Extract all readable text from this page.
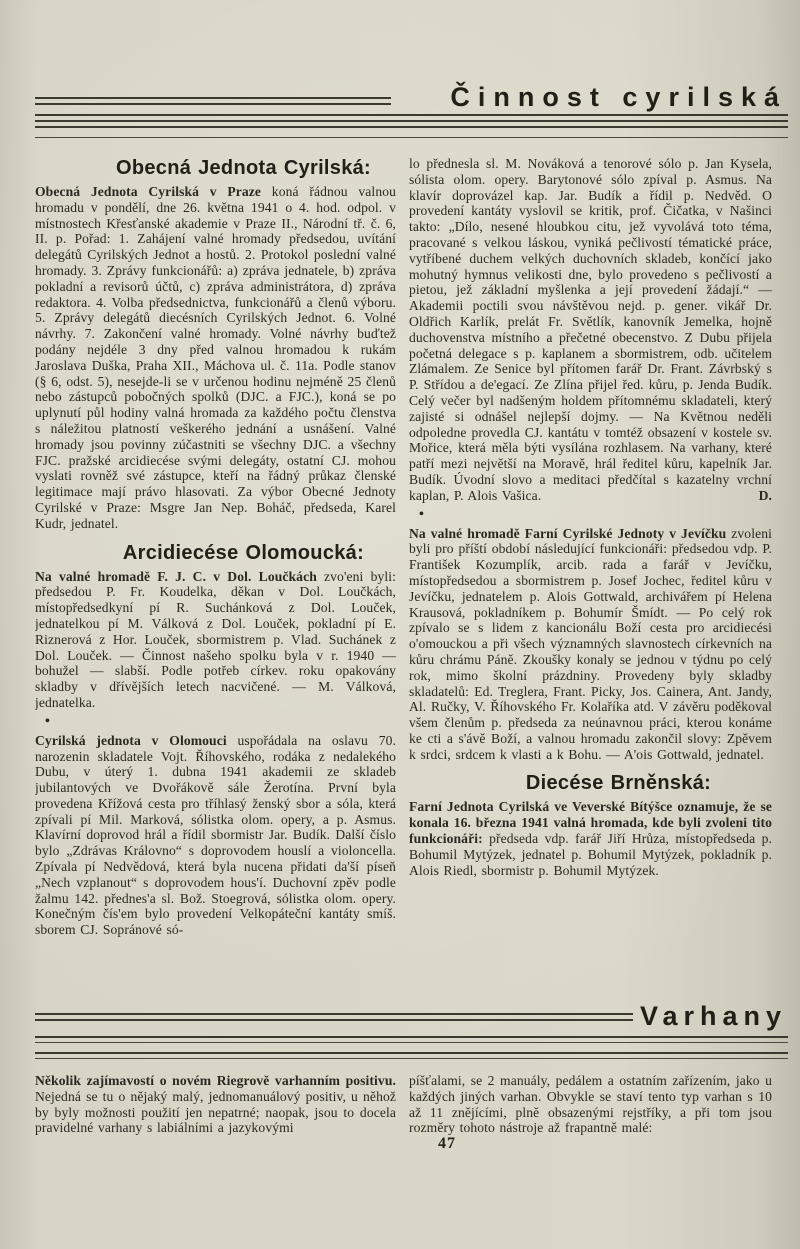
Činnost cyrilská
Obecná Jednota Cyrilská:

Obecná Jednota Cyrilská v Praze koná řádnou valnou hromadu v pondělí, dne 26. května 1941 o 4. hod. odpol. v místnostech Křesťanské akademie v Praze II., Národní tř. č. 6, II. p. Pořad: 1. Zahájení valné hromady předsedou, uvítání delegátů Cyrilských Jednot a hostů. 2. Protokol poslední valné hromady. 3. Zprávy funkcionářů: a) zpráva jednatele, b) zpráva pokladní a revisorů účtů, c) zpráva administrátora, d) zpráva redaktora. 4. Volba předsednictva, funkcionářů a členů výboru. 5. Zprávy delegátů diecésních Cyrilských Jednot. 6. Volné návrhy. 7. Zakončení valné hromady. Volné návrhy buďtež podány nejdéle 3 dny před valnou hromadou k rukám Jaroslava Duška, Praha XII., Máchova ul. č. 11a. Podle stanov (§ 6, odst. 5), nesejde-li se v určenou hodinu nejméně 25 členů nebo zástupců pobočných spolků (DJC. a FJC.), koná se po uplynutí půl hodiny valná hromada za každého počtu členstva s náležitou platností veškerého jednání a usnášení. Valné hromady jsou povinny zúčastniti se všechny DJC. a všechny FJC. pražské arcidiecése svými delegáty, ostatní CJ. mohou vyslati rovněž své zástupce, kteří na řádný průkaz členské legitimace mají právo hlasovati. Za výbor Obecné Jednoty Cyrilské v Praze: Msgre Jan Nep. Boháč, předseda, Karel Kudr, jednatel.

Arcidiecése Olomoucká:

Na valné hromadě F. J. C. v Dol. Loučkách zvo'eni byli: předsedou P. Fr. Koudelka, děkan v Dol. Loučkách, místopředsedkyní pí R. Suchánková z Dol. Louček, jednatelkou pí M. Válková z Dol. Louček, pokladní pí E. Riznerová z Hor. Louček, sbormistrem p. Vlad. Suchánek z Dol. Louček. — Činnost našeho spolku byla v r. 1940 — bohužel — slabší. Podle potřeb církev. roku opakovány skladby v dřívějších letech nacvičené. — M. Válková, jednatelka.

•

Cyrilská jednota v Olomouci uspořádala na oslavu 70. narozenin skladatele Vojt. Říhovského, rodáka z nedalekého Dubu, v úterý 1. dubna 1941 akademii ze skladeb jubilantových ve Dvořákově sále Žerotína. První byla provedena Křížová cesta pro tříhlasý ženský sbor a sóla, která zpívali pí Mil. Marková, sólistka olom. opery, a p. Asmus. Klavírní doprovod hrál a řídil sbormistr Jar. Budík. Další číslo bylo „Zdrávas Královno“ s doprovodem houslí a violoncella. Zpívala pí Nedvědová, která byla nucena přidati da'ší píseň „Nech vzplanout“ s doprovodem hous'í. Duchovní zpěv podle žalmu 142. přednes'a sl. Bož. Stoegrová, sólistka olom. opery. Konečným čís'em bylo provedení Velkopáteční kantáty smíš. sborem CJ. Sopránové só-

lo přednesla sl. M. Nováková a tenorové sólo p. Jan Kysela, sólista olom. opery. Barytonové sólo zpíval p. Asmus. Na klavír doprovázel kap. Jar. Budík a řídil p. Nedvěd. O provedení kantáty vyslovil se kritik, prof. Čičatka, v Našinci takto: „Dílo, nesené hloubkou citu, jež vyvolává toto téma, pracované s velkou láskou, vyniká pečlivostí tématické práce, vytříbené duchem velkých duchovních skladeb, končící jako mohutný hymnus velikosti dne, bylo provedeno s pečlivostí a pietou, jež základní myšlenka a její provedení žádají.“ — Akademii poctili svou návštěvou nejd. p. gener. vikář Dr. Oldřich Karlík, prelát Fr. Světlík, kanovník Jemelka, hojně duchovenstva místního a přečetné obecenstvo. Z Dubu přijela početná delegace s p. kaplanem a sbormistrem, odb. učitelem Zlámalem. Ze Senice byl přítomen farář Dr. Frant. Závrbský s P. Střídou a de'egací. Ze Zlína přijel řed. kůru, p. Jenda Budík. Celý večer byl nadšeným holdem přítomnému skladateli, který zajisté si odnášel nejlepší dojmy. — Na Květnou neděli odpoledne provedla CJ. kantátu v tomtéž obsazení v kostele sv. Mořice, která měla býti vysílána rozhlasem. Na varhany, které patří mezi největší na Moravě, hrál ředitel kůru, kapelník Jar. Budík. Úvodní slovo a meditaci předčítal s kazatelny vrchní kaplan, P. Alois Vašica.	D.

•

Na valné hromadě Farní Cyrilské Jednoty v Jevíčku zvoleni byli pro příští období následující funkcionáři: předsedou vdp. P. František Kozumplík, arcib. rada a farář v Jevíčku, místopředsedou a sbormistrem p. Josef Jochec, ředitel kůru v Jevíčku, jednatelem p. Alois Gottwald, archivářem pí Helena Krausová, pokladníkem p. Bohumír Šmídt. — Po celý rok zpívalo se s lidem z kancionálu Boží cesta pro arcidiecési o'omouckou a při všech významných slavnostech církevních na kůru chrámu Páně. Zkoušky konaly se jednou v týdnu po celý rok, mimo školní prázdniny. Provedeny byly skladby skladatelů: Ed. Treglera, Frant. Picky, Jos. Cainera, Ant. Jandy, Al. Ručky, V. Říhovského Fr. Kolaříka atd. V závěru poděkoval všem členům p. předseda za neúnavnou práci, kterou konáme ke cti a s'ávě Boží, a valnou hromadu zakončil slovy: Zpěvem k srdci, srdcem k vlasti a k Bohu. — A'ois Gottwald, jednatel.

Diecése Brněnská:

Farní Jednota Cyrilská ve Veverské Bítýšce oznamuje, že se konala 16. března 1941 valná hromada, kde byli zvoleni tito funkcionáři: předseda vdp. farář Jiří Hrůza, místopředseda p. Bohumil Mytýzek, jednatel p. Bohumil Mytýzek, pokladník p. Alois Riedl, sbormistr p. Bohumil Mytýzek.

Varhany

Několik zajímavostí o novém Riegrově varhanním positivu. Nejedná se tu o nějaký malý, jednomanuálový positiv, u něhož by byly možnosti použití jen nepatrné; naopak, jsou to docela pravidelné varhany s labiálními a jazykovými

píšťalami, se 2 manuály, pedálem a ostatním zařízením, jako u každých jiných varhan. Obvykle se staví tento typ varhan s 10 až 11 znějícími, plně obsazenými rejstříky, a při tom jsou rozměry tohoto nástroje až frapantně malé:

47
